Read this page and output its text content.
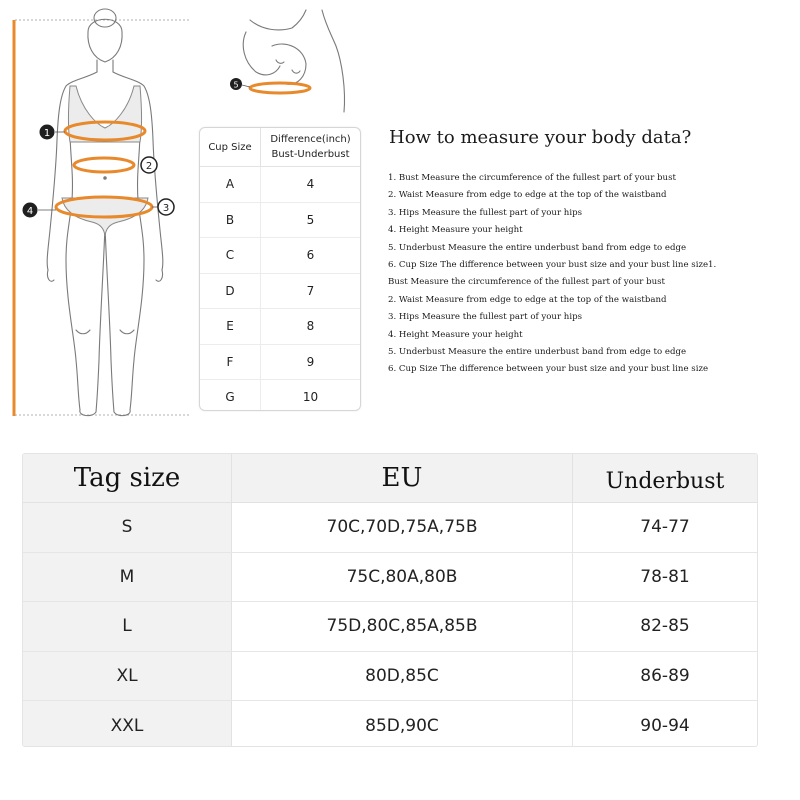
1
2
3
4
5
Cup Size
Difference(inch)
Bust-Underbust
A	4
B	5
C	6
D	7
E	8
F	9
G	10
How to measure your body data?
1. Bust Measure the circumference of the fullest part of your bust
2. Waist Measure from edge to edge at the top of the waistband
3. Hips Measure the fullest part of your hips
4. Height Measure your height
5. Underbust Measure the entire underbust band from edge to edge
6. Cup Size The difference between your bust size and your bust line size1.
Bust Measure the circumference of the fullest part of your bust
2. Waist Measure from edge to edge at the top of the waistband
3. Hips Measure the fullest part of your hips
4. Height Measure your height
5. Underbust Measure the entire underbust band from edge to edge
6. Cup Size The difference between your bust size and your bust line size
Tag size	EU	Underbust
S	70C,70D,75A,75B	74-77
M	75C,80A,80B	78-81
L	75D,80C,85A,85B	82-85
XL	80D,85C	86-89
XXL	85D,90C	90-94
